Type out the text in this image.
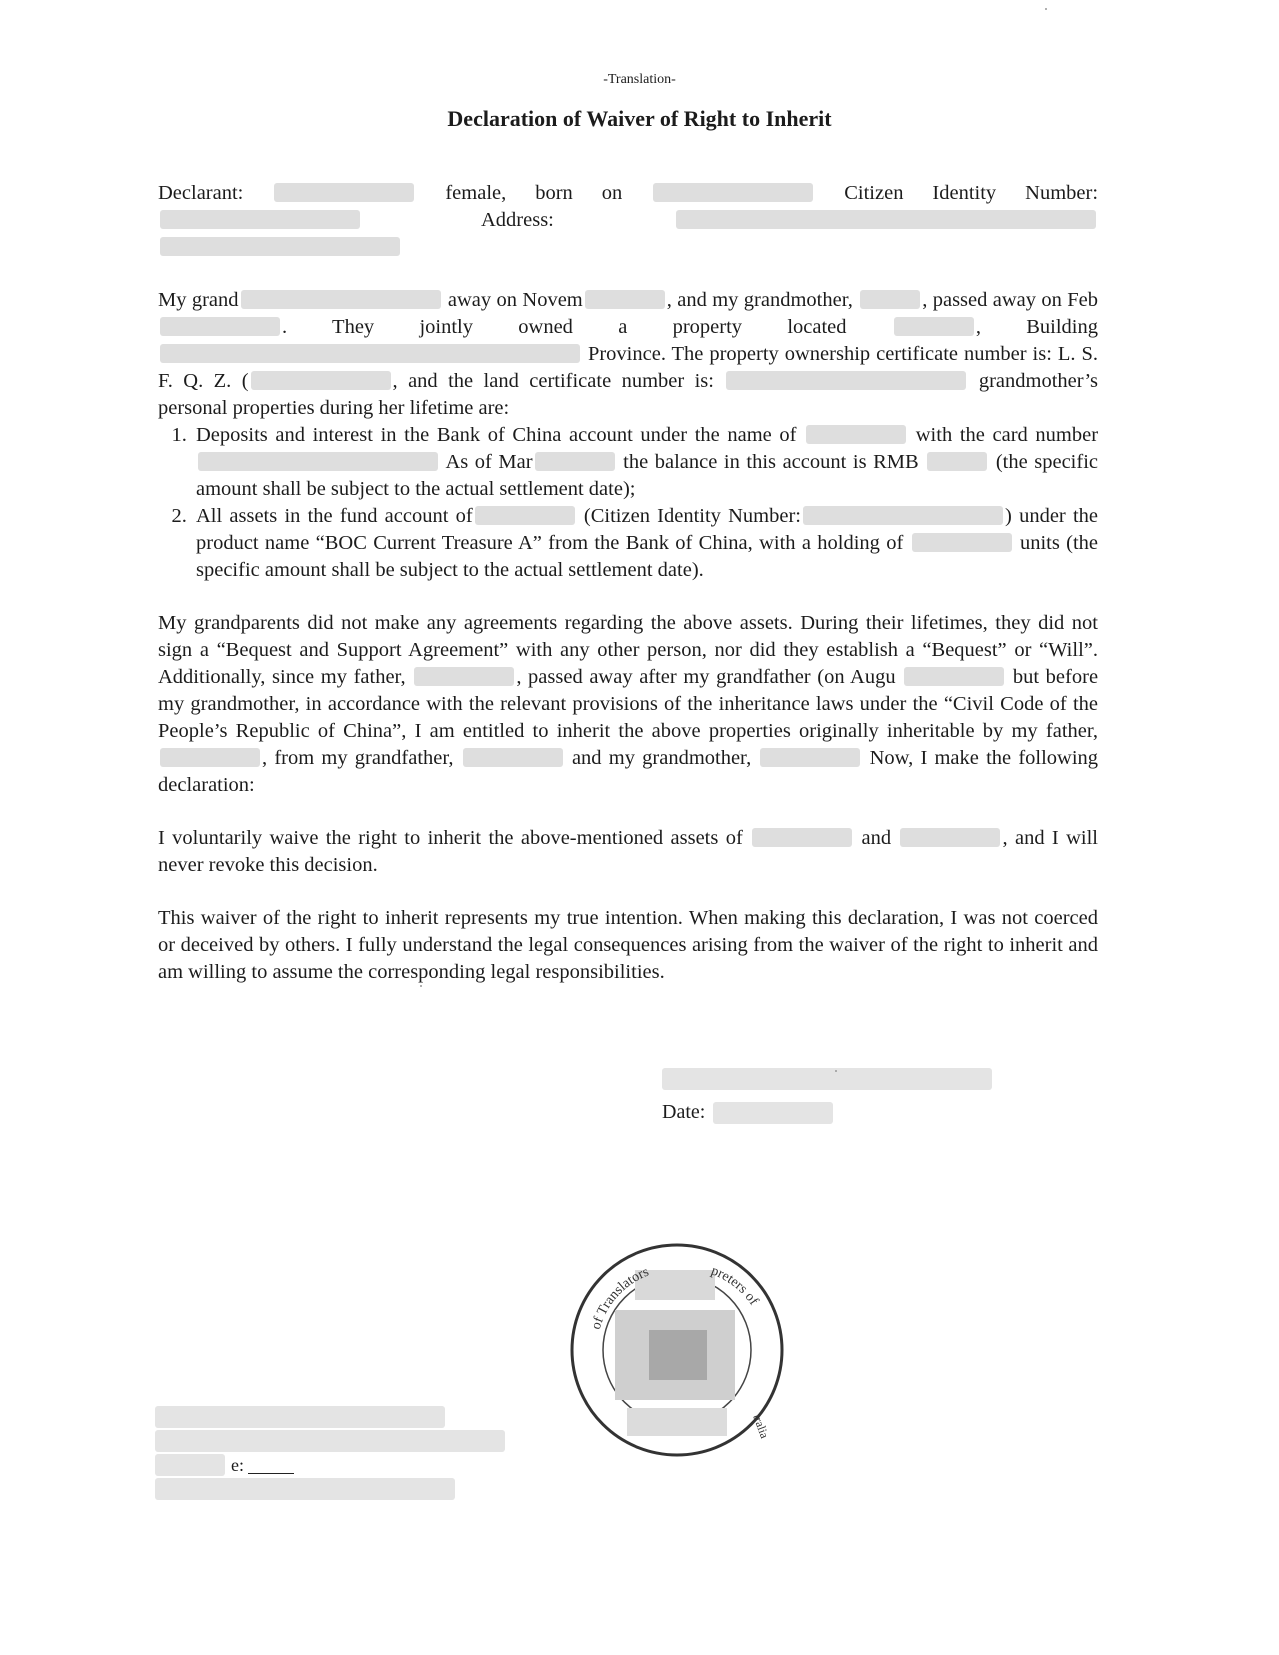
-Translation-
Declaration of Waiver of Right to Inherit

Declarant:	female, born on	Citizen Identity Number:  Address:

My grand	away on Novem	, and my grandmother,	, passed away on Feb. They jointly owned a property located	, Building  Province. The property ownership certificate number is: L. S. F. Q. Z. (	, and the land certificate number is:	grandmother’s personal properties during her lifetime are:

1. Deposits and interest in the Bank of China account under the name of	with the card number  As of Mar	the balance in this account is RMB	(the specific amount shall be subject to the actual settlement date);
2. All assets in the fund account of	(Citizen Identity Number:	) under the product name “BOC Current Treasure A” from the Bank of China, with a holding of	units (the specific amount shall be subject to the actual settlement date).

My grandparents did not make any agreements regarding the above assets. During their lifetimes, they did not sign a “Bequest and Support Agreement” with any other person, nor did they establish a “Bequest” or “Will”. Additionally, since my father,	, passed away after my grandfather (on Augu	but before my grandmother, in accordance with the relevant provisions of the inheritance laws under the “Civil Code of the People’s Republic of China”, I am entitled to inherit the above properties originally inheritable by my father, , from my grandfather,	and my grandmother,	Now, I make the following declaration:

I voluntarily waive the right to inherit the above-mentioned assets of	and	, and I will never revoke this decision.

This waiver of the right to inherit represents my true intention. When making this declaration, I was not coerced or deceived by others. I fully understand the legal consequences arising from the waiver of the right to inherit and am willing to assume the corresponding legal responsibilities.

Date:
of Translators	preters of
tralia
e:
